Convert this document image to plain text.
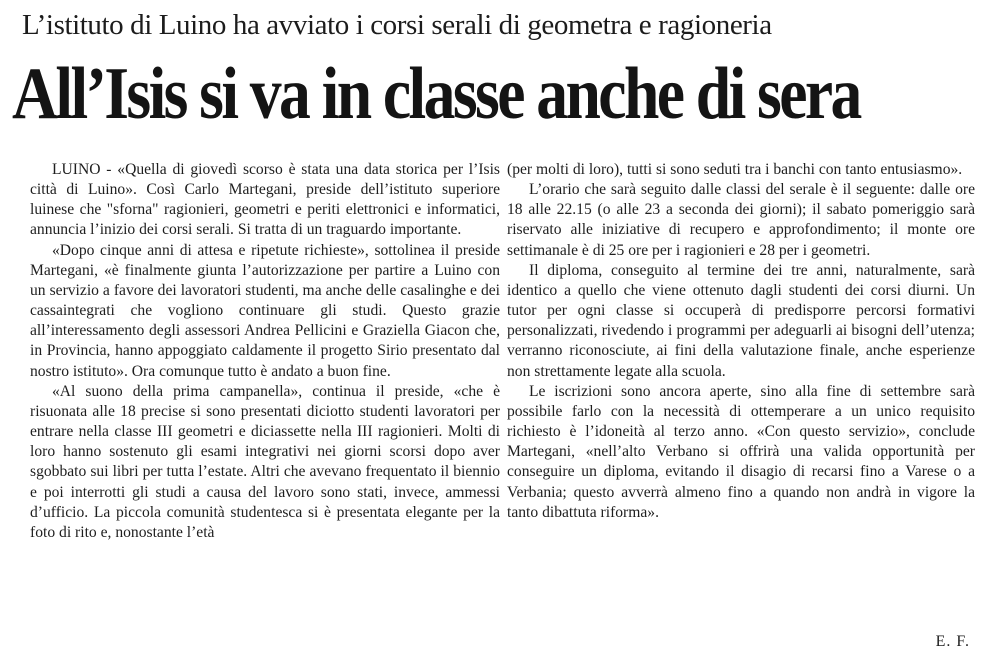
L’istituto di Luino ha avviato i corsi serali di geometra e ragioneria
All’Isis si va in classe anche di sera

LUINO - «Quella di giovedì scorso è stata una data storica per l’Isis città di Luino». Così Carlo Martegani, preside dell’istituto superiore luinese che "sforna" ragionieri, geometri e periti elettronici e informatici, annuncia l’inizio dei corsi serali. Si tratta di un traguardo importante.

«Dopo cinque anni di attesa e ripetute richieste», sottolinea il preside Martegani, «è finalmente giunta l’autorizzazione per partire a Luino con un servizio a favore dei lavoratori studenti, ma anche delle casalinghe e dei cassaintegrati che vogliono continuare gli studi. Questo grazie all’interessamento degli assessori Andrea Pellicini e Graziella Giacon che, in Provincia, hanno appoggiato caldamente il progetto Sirio presentato dal nostro istituto». Ora comunque tutto è andato a buon fine.

«Al suono della prima campanella», continua il preside, «che è risuonata alle 18 precise si sono presentati diciotto studenti lavoratori per entrare nella classe III geometri e diciassette nella III ragionieri. Molti di loro hanno sostenuto gli esami integrativi nei giorni scorsi dopo aver sgobbato sui libri per tutta l’estate. Altri che avevano frequentato il biennio e poi interrotti gli studi a causa del lavoro sono stati, invece, ammessi d’ufficio. La piccola comunità studentesca si è presentata elegante per la foto di rito e, nonostante l’età

(per molti di loro), tutti si sono seduti tra i banchi con tanto entusiasmo».

L’orario che sarà seguito dalle classi del serale è il seguente: dalle ore 18 alle 22.15 (o alle 23 a seconda dei giorni); il sabato pomeriggio sarà riservato alle iniziative di recupero e approfondimento; il monte ore settimanale è di 25 ore per i ragionieri e 28 per i geometri.

Il diploma, conseguito al termine dei tre anni, naturalmente, sarà identico a quello che viene ottenuto dagli studenti dei corsi diurni. Un tutor per ogni classe si occuperà di predisporre percorsi formativi personalizzati, rivedendo i programmi per adeguarli ai bisogni dell’utenza; verranno riconosciute, ai fini della valutazione finale, anche esperienze non strettamente legate alla scuola.

Le iscrizioni sono ancora aperte, sino alla fine di settembre sarà possibile farlo con la necessità di ottemperare a un unico requisito richiesto è l’idoneità al terzo anno. «Con questo servizio», conclude Martegani, «nell’alto Verbano si offrirà una valida opportunità per conseguire un diploma, evitando il disagio di recarsi fino a Varese o a Verbania; questo avverrà almeno fino a quando non andrà in vigore la tanto dibattuta riforma».

E. F.
